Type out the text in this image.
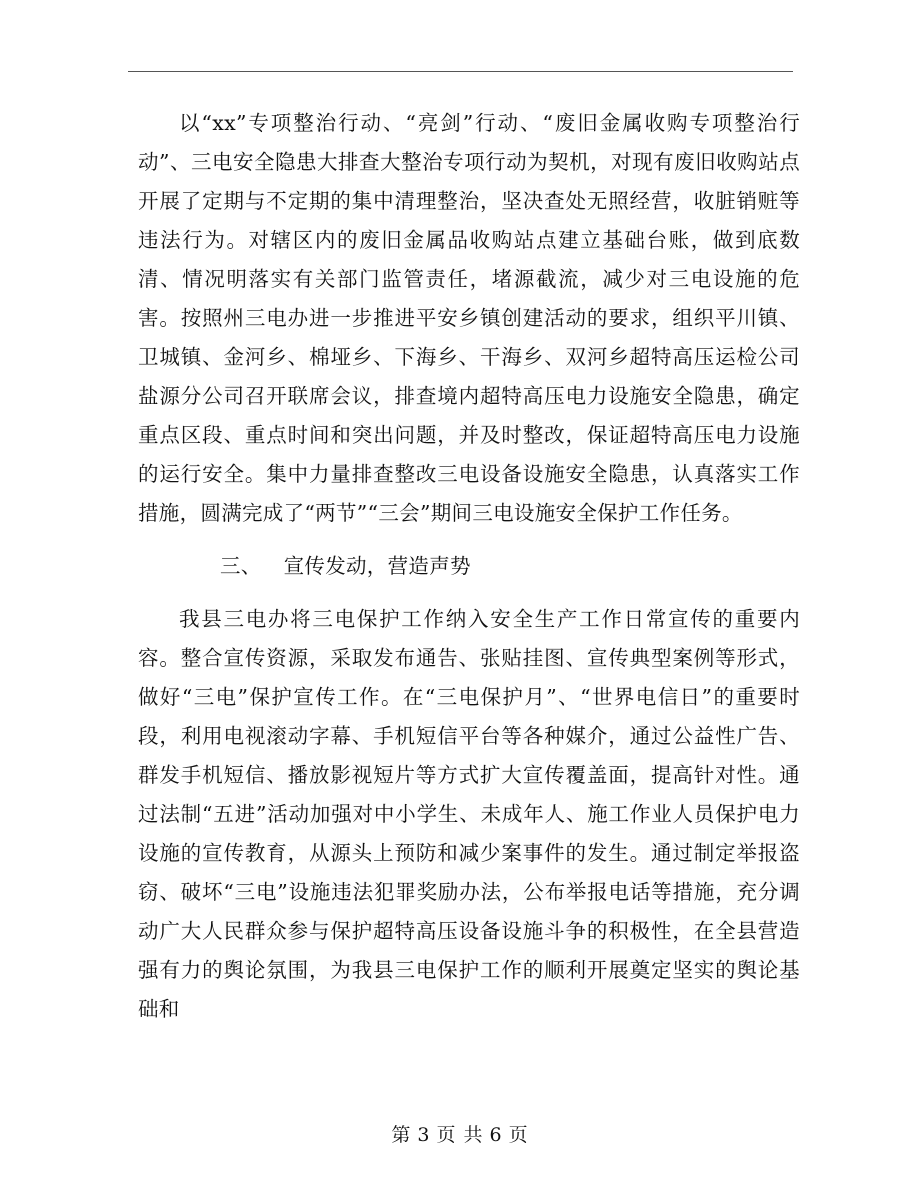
以“xx”专项整治行动、“亮剑”行动、“废旧金属收购专项整治行动”、三电安全隐患大排查大整治专项行动为契机，对现有废旧收购站点开展了定期与不定期的集中清理整治，坚决查处无照经营，收脏销赃等违法行为。对辖区内的废旧金属品收购站点建立基础台账，做到底数清、情况明落实有关部门监管责任，堵源截流，减少对三电设施的危害。按照州三电办进一步推进平安乡镇创建活动的要求，组织平川镇、卫城镇、金河乡、棉垭乡、下海乡、干海乡、双河乡超特高压运检公司盐源分公司召开联席会议，排查境内超特高压电力设施安全隐患，确定重点区段、重点时间和突出问题，并及时整改，保证超特高压电力设施的运行安全。集中力量排查整改三电设备设施安全隐患，认真落实工作措施，圆满完成了“两节”“三会”期间三电设施安全保护工作任务。

三、 宣传发动，营造声势

我县三电办将三电保护工作纳入安全生产工作日常宣传的重要内容。整合宣传资源，采取发布通告、张贴挂图、宣传典型案例等形式，做好“三电”保护宣传工作。在“三电保护月”、“世界电信日”的重要时段，利用电视滚动字幕、手机短信平台等各种媒介，通过公益性广告、群发手机短信、播放影视短片等方式扩大宣传覆盖面，提高针对性。通过法制“五进”活动加强对中小学生、未成年人、施工作业人员保护电力设施的宣传教育，从源头上预防和减少案事件的发生。通过制定举报盗窃、破坏“三电”设施违法犯罪奖励办法，公布举报电话等措施，充分调动广大人民群众参与保护超特高压设备设施斗争的积极性，在全县营造强有力的舆论氛围，为我县三电保护工作的顺利开展奠定坚实的舆论基础和

第 3 页 共 6 页
